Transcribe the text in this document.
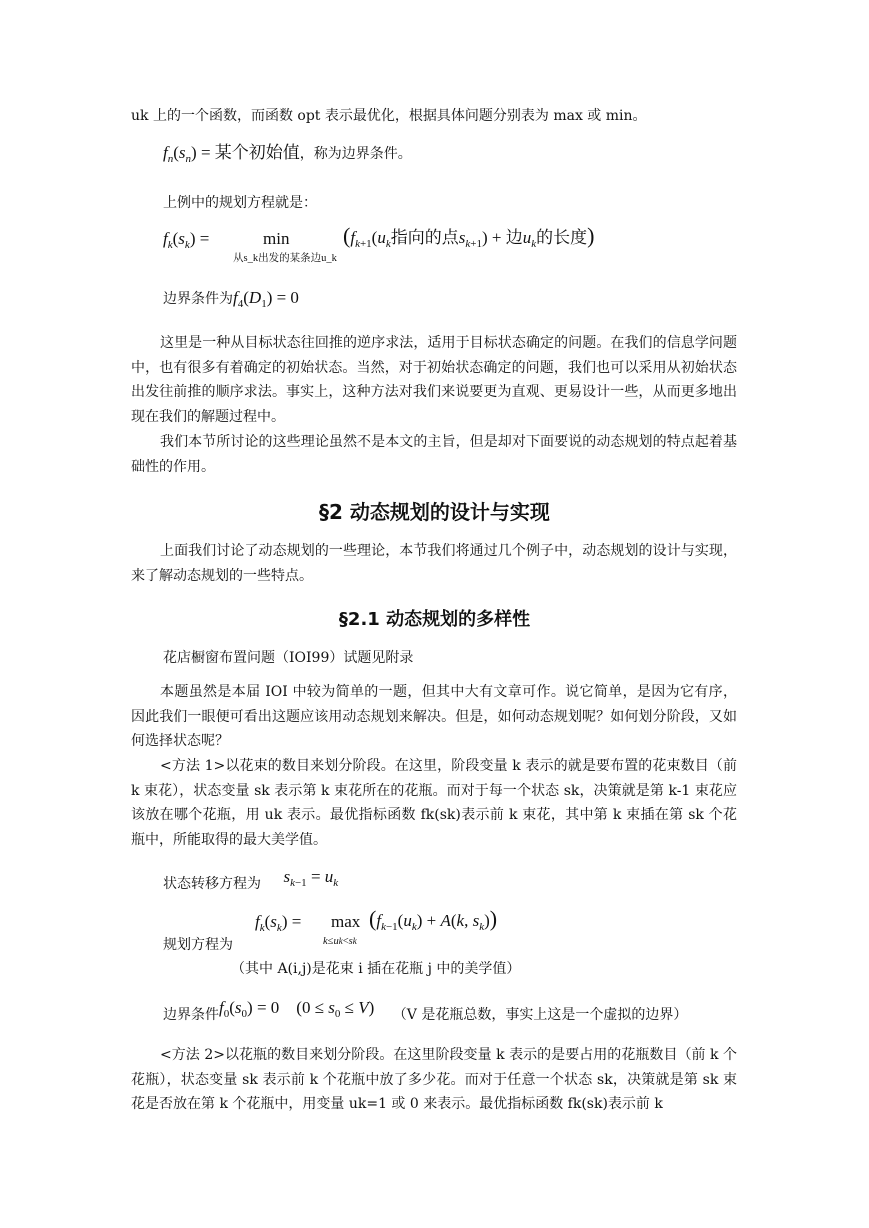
uk 上的一个函数，而函数 opt 表示最优化，根据具体问题分别表为 max 或 min。
$f_n(s_n)$ = 某个初始值，称为边界条件。
上例中的规划方程就是：
$f_k(s_k)$ =	min
从s_k出发的某条边u_k
($f_{k+1}(u_k$指向的点$s_{k+1}$) + 边$u_k$的长度)
边界条件为$f_4(D_1) = 0$
这里是一种从目标状态往回推的逆序求法，适用于目标状态确定的问题。在我们的信息学问题中，也有很多有着确定的初始状态。当然，对于初始状态确定的问题，我们也可以采用从初始状态出发往前推的顺序求法。事实上，这种方法对我们来说要更为直观、更易设计一些，从而更多地出现在我们的解题过程中。
我们本节所讨论的这些理论虽然不是本文的主旨，但是却对下面要说的动态规划的特点起着基础性的作用。
§2 动态规划的设计与实现
上面我们讨论了动态规划的一些理论，本节我们将通过几个例子中，动态规划的设计与实现，来了解动态规划的一些特点。
§2.1 动态规划的多样性
花店橱窗布置问题（IOI99）试题见附录
本题虽然是本届 IOI 中较为简单的一题，但其中大有文章可作。说它简单，是因为它有序，因此我们一眼便可看出这题应该用动态规划来解决。但是，如何动态规划呢？如何划分阶段，又如何选择状态呢？
<方法 1>以花束的数目来划分阶段。在这里，阶段变量 k 表示的就是要布置的花束数目（前 k 束花），状态变量 sk 表示第 k 束花所在的花瓶。而对于每一个状态 sk，决策就是第 k-1 束花应该放在哪个花瓶，用 uk 表示。最优指标函数 fk(sk)表示前 k 束花，其中第 k 束插在第 sk 个花瓶中，所能取得的最大美学值。
状态转移方程为 $s_{k-1} = u_k$
$f_k(s_k) = \max$
k≤uk<sk
($f_{k-1}(u_k) + A(k$, $s_k$))
规划方程为
（其中 A(i,j)是花束 i 插在花瓶 j 中的美学值）
边界条件$f_0(s_0) = 0$    $(0 \le s_0 \le V)$ （V 是花瓶总数，事实上这是一个虚拟的边界）
<方法 2>以花瓶的数目来划分阶段。在这里阶段变量 k 表示的是要占用的花瓶数目（前 k 个花瓶），状态变量 sk 表示前 k 个花瓶中放了多少花。而对于任意一个状态 sk，决策就是第 sk 束花是否放在第 k 个花瓶中，用变量 uk=1 或 0 来表示。最优指标函数 fk(sk)表示前 k
